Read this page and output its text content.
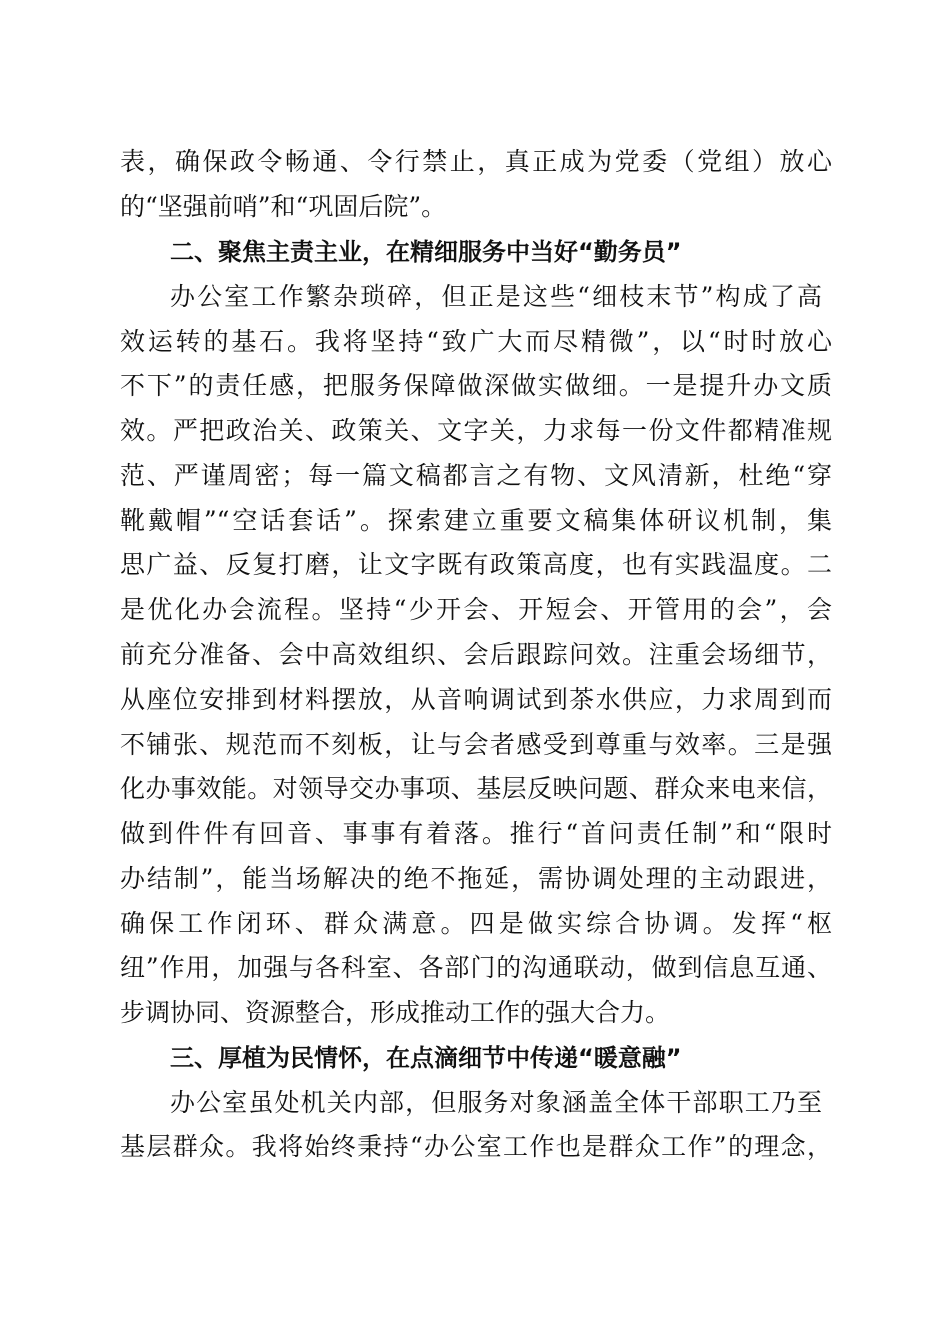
表，确保政令畅通、令行禁止，真正成为党委（党组）放心
的“坚强前哨”和“巩固后院”。
二、聚焦主责主业，在精细服务中当好“勤务员”
办公室工作繁杂琐碎，但正是这些“细枝末节”构成了高
效运转的基石。我将坚持“致广大而尽精微”，以“时时放心
不下”的责任感，把服务保障做深做实做细。一是提升办文质
效。严把政治关、政策关、文字关，力求每一份文件都精准规
范、严谨周密；每一篇文稿都言之有物、文风清新，杜绝“穿
靴戴帽”“空话套话”。探索建立重要文稿集体研议机制，集
思广益、反复打磨，让文字既有政策高度，也有实践温度。二
是优化办会流程。坚持“少开会、开短会、开管用的会”，会
前充分准备、会中高效组织、会后跟踪问效。注重会场细节，
从座位安排到材料摆放，从音响调试到茶水供应，力求周到而
不铺张、规范而不刻板，让与会者感受到尊重与效率。三是强
化办事效能。对领导交办事项、基层反映问题、群众来电来信，
做到件件有回音、事事有着落。推行“首问责任制”和“限时
办结制”，能当场解决的绝不拖延，需协调处理的主动跟进，
确保工作闭环、群众满意。四是做实综合协调。发挥“枢
纽”作用，加强与各科室、各部门的沟通联动，做到信息互通、
步调协同、资源整合，形成推动工作的强大合力。
三、厚植为民情怀，在点滴细节中传递“暖意融”
办公室虽处机关内部，但服务对象涵盖全体干部职工乃至
基层群众。我将始终秉持“办公室工作也是群众工作”的理念，
